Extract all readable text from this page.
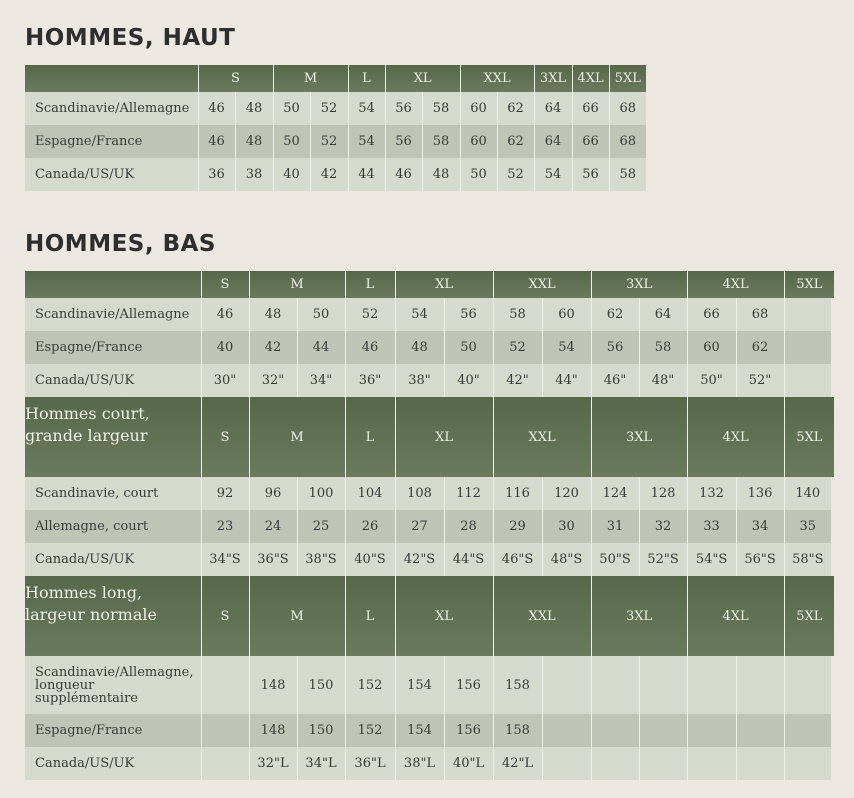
HOMMES, HAUT
	S		M		L	XL		XXL		3XL	4XL	5XL
Scandinavie/Allemagne	46	48	50	52	54	56	58	60	62	64	66	68
Espagne/France	46	48	50	52	54	56	58	60	62	64	66	68
Canada/US/UK	36	38	40	42	44	46	48	50	52	54	56	58
HOMMES, BAS
	S	M		L	XL		XXL		3XL		4XL		5XL
Scandinavie/Allemagne	46	48	50	52	54	56	58	60	62	64	66	68	
Espagne/France	40	42	44	46	48	50	52	54	56	58	60	62	
Canada/US/UK	30"	32"	34"	36"	38"	40"	42"	44"	46"	48"	50"	52"	
Hommes court, grande largeur	S	M		L	XL		XXL		3XL		4XL		5XL
Scandinavie, court	92	96	100	104	108	112	116	120	124	128	132	136	140
Allemagne, court	23	24	25	26	27	28	29	30	31	32	33	34	35
Canada/US/UK	34"S	36"S	38"S	40"S	42"S	44"S	46"S	48"S	50"S	52"S	54"S	56"S	58"S
Hommes long, largeur normale	S	M		L	XL		XXL		3XL		4XL		5XL
Scandinavie/Allemagne, longueur supplémentaire		148	150	152	154	156	158						
Espagne/France		148	150	152	154	156	158						
Canada/US/UK		32"L	34"L	36"L	38"L	40"L	42"L						
